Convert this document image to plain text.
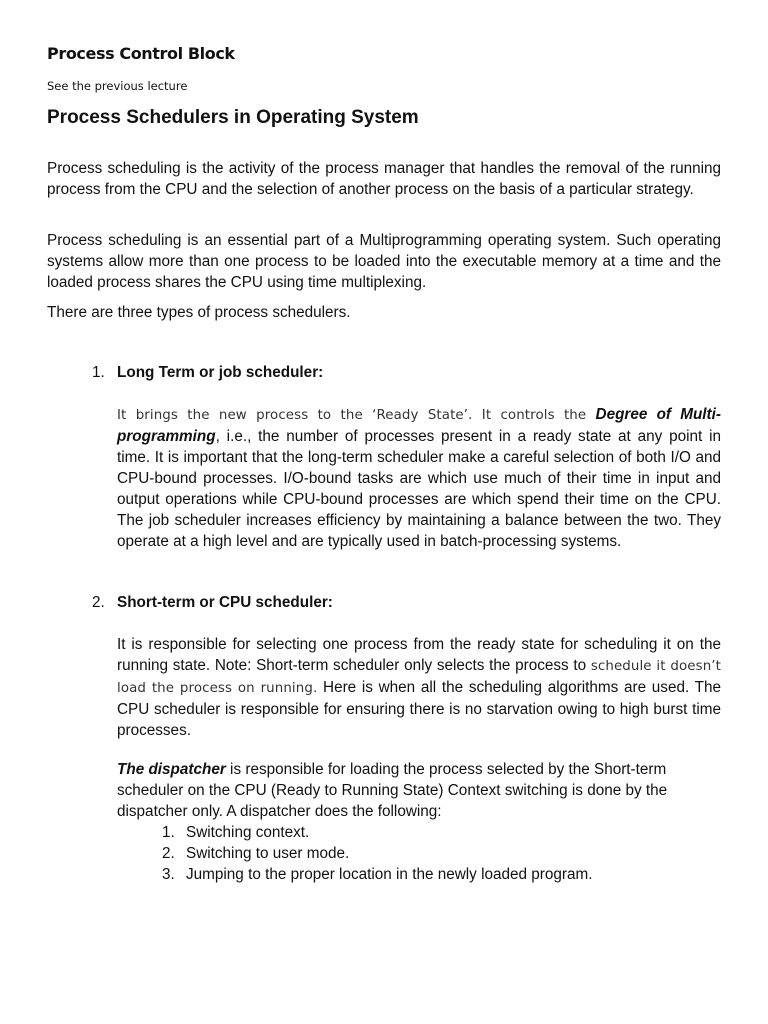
Process Control Block

See the previous lecture

Process Schedulers in Operating System

Process scheduling is the activity of the process manager that handles the removal of the running process from the CPU and the selection of another process on the basis of a particular strategy.

Process scheduling is an essential part of a Multiprogramming operating system. Such operating systems allow more than one process to be loaded into the executable memory at a time and the loaded process shares the CPU using time multiplexing.

There are three types of process schedulers.

1. Long Term or job scheduler:

It brings the new process to the ‘Ready State’. It controls the Degree of Multi-programming, i.e., the number of processes present in a ready state at any point in time. It is important that the long-term scheduler make a careful selection of both I/O and CPU-bound processes. I/O-bound tasks are which use much of their time in input and output operations while CPU-bound processes are which spend their time on the CPU. The job scheduler increases efficiency by maintaining a balance between the two. They operate at a high level and are typically used in batch-processing systems.

2. Short-term or CPU scheduler:

It is responsible for selecting one process from the ready state for scheduling it on the running state. Note: Short-term scheduler only selects the process to schedule it doesn’t load the process on running. Here is when all the scheduling algorithms are used. The CPU scheduler is responsible for ensuring there is no starvation owing to high burst time processes.

The dispatcher is responsible for loading the process selected by the Short-term scheduler on the CPU (Ready to Running State) Context switching is done by the dispatcher only. A dispatcher does the following:

1. Switching context.
2. Switching to user mode.
3. Jumping to the proper location in the newly loaded program.
